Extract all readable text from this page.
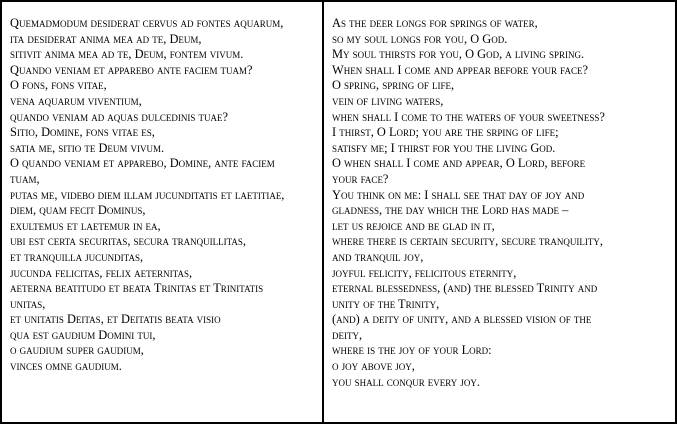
Quemadmodum desiderat cervus ad fontes aquarum,
ita desiderat anima mea ad te, Deum,
sitivit anima mea ad te, Deum, fontem vivum.
Quando veniam et apparebo ante faciem tuam?
O fons, fons vitae,
vena aquarum viventium,
quando veniam ad aquas dulcedinis tuae?
Sitio, Domine, fons vitae es,
satia me, sitio te Deum vivum.
O quando veniam et apparebo, Domine, ante faciem
tuam,
putas me, videbo diem illam jucunditatis et laetitiae,
diem, quam fecit Dominus,
exultemus et laetemur in ea,
ubi est certa securitas, secura tranquillitas,
et tranquilla jucunditas,
jucunda felicitas, felix aeternitas,
aeterna beatitudo et beata Trinitas et Trinitatis
unitas,
et unitatis Deitas, et Deitatis beata visio
qua est gaudium Domini tui,
o gaudium super gaudium,
vinces omne gaudium.
As the deer longs for springs of water,
so my soul longs for you, O God.
My soul thirsts for you, O God, a living spring.
When shall I come and appear before your face?
O spring, spring of life,
vein of living waters,
when shall I come to the waters of your sweetness?
I thirst, O Lord; you are the srping of life;
satisfy me; I thirst for you the living God.
O when shall I come and appear, O Lord, before
your face?
You think on me: I shall see that day of joy and
gladness, the day which the Lord has made –
let us rejoice and be glad in it,
where there is certain security, secure tranquility,
and tranquil joy,
joyful felicity, felicitous eternity,
eternal blessedness, (and) the blessed Trinity and
unity of the Trinity,
(and) a deity of unity, and a blessed vision of the
deity,
where is the joy of your Lord:
o joy above joy,
you shall conqur every joy.
